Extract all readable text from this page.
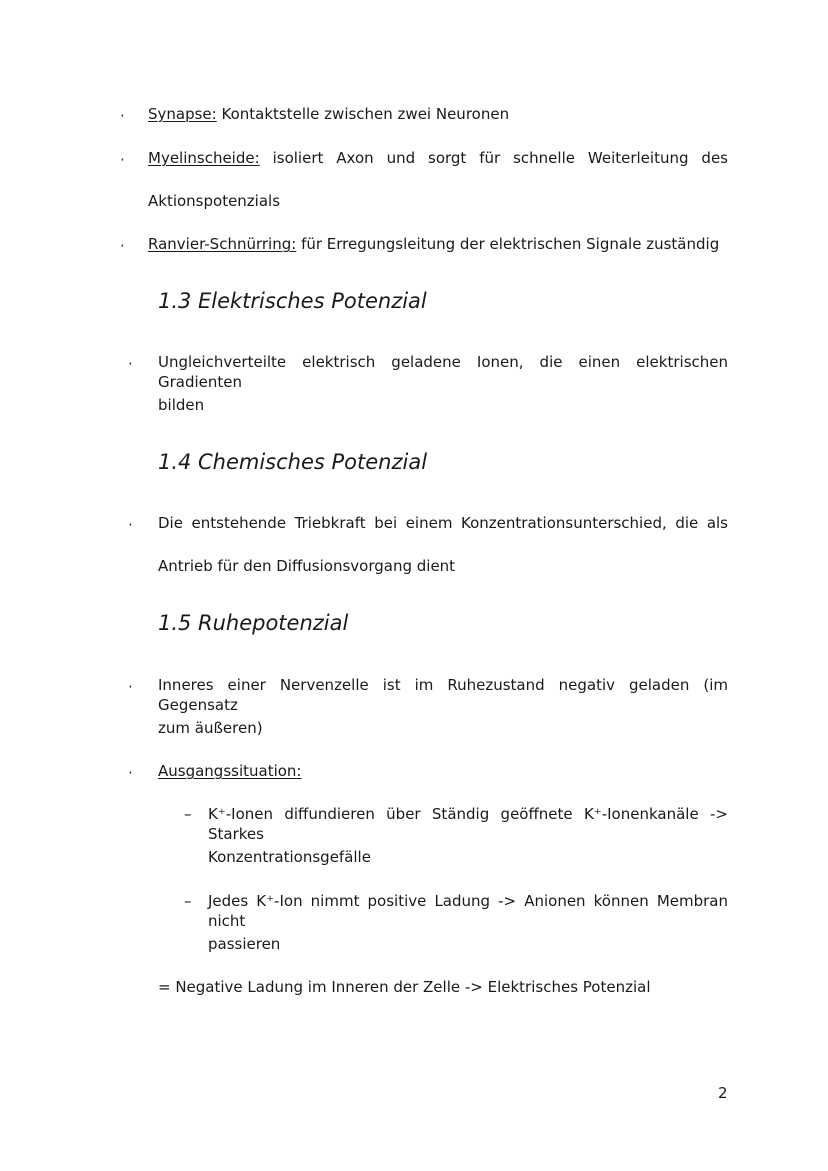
· Synapse: Kontaktstelle zwischen zwei Neuronen
· Myelinscheide: isoliert Axon und sorgt für schnelle Weiterleitung des
Aktionspotenzials
· Ranvier-Schnürring: für Erregungsleitung der elektrischen Signale zuständig
1.3 Elektrisches Potenzial
· Ungleichverteilte elektrisch geladene Ionen, die einen elektrischen Gradienten
bilden
1.4 Chemisches Potenzial
· Die entstehende Triebkraft bei einem Konzentrationsunterschied, die als
Antrieb für den Diffusionsvorgang dient
1.5 Ruhepotenzial
· Inneres einer Nervenzelle ist im Ruhezustand negativ geladen (im Gegensatz
zum äußeren)
· Ausgangssituation:
– K⁺-Ionen diffundieren über Ständig geöffnete K⁺-Ionenkanäle -> Starkes
Konzentrationsgefälle
– Jedes K⁺-Ion nimmt positive Ladung -> Anionen können Membran nicht
passieren
= Negative Ladung im Inneren der Zelle -> Elektrisches Potenzial
2
